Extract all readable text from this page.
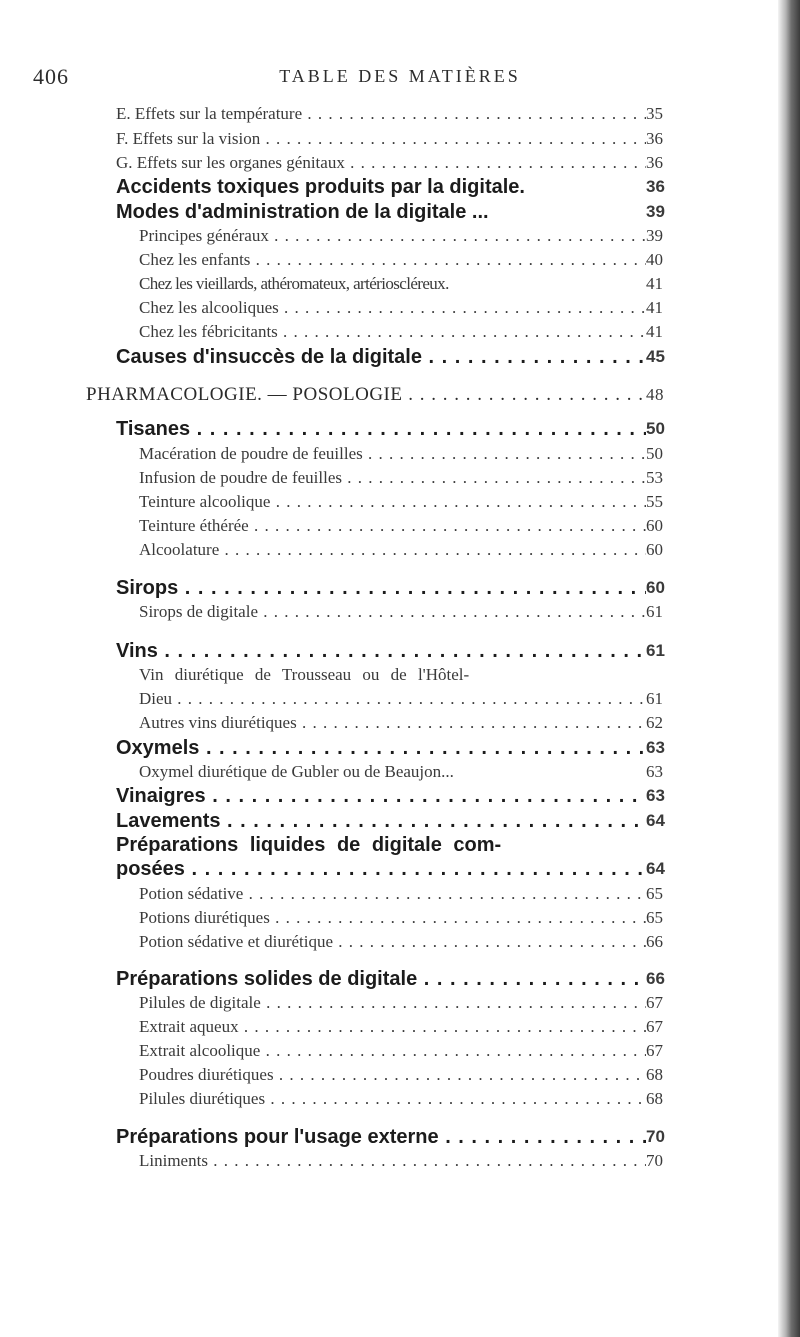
406	TABLE DES MATIÈRES
E. Effets sur la température . . .	35
F. Effets sur la vision . . .	36
G. Effets sur les organes génitaux . . .	36
Accidents toxiques produits par la digitale.	36
Modes d'administration de la digitale ...	39
Principes généraux . . .	39
Chez les enfants . . .	40
Chez les vieillards, athéromateux, artérioscléreux.	41
Chez les alcooliques . . .	41
Chez les fébricitants . . .	41
Causes d'insuccès de la digitale . . .	45
PHARMACOLOGIE. — POSOLOGIE . . .	48
Tisanes . . .	50
Macération de poudre de feuilles . . .	50
Infusion de poudre de feuilles . . .	53
Teinture alcoolique . . .	55
Teinture éthérée . . .	60
Alcoolature . . .	60
Sirops . . .	60
Sirops de digitale . . .	61
Vins . . .	61
Vin diurétique de Trousseau ou de l'Hôtel-
Dieu . . .	61
Autres vins diurétiques . . .	62
Oxymels . . .	63
Oxymel diurétique de Gubler ou de Beaujon...	63
Vinaigres . . .	63
Lavements . . .	64
Préparations liquides de digitale com-
posées . . .	64
Potion sédative . . .	65
Potions diurétiques . . .	65
Potion sédative et diurétique . . .	66
Préparations solides de digitale . . .	66
Pilules de digitale . . .	67
Extrait aqueux . . .	67
Extrait alcoolique . . .	67
Poudres diurétiques . . .	68
Pilules diurétiques . . .	68
Préparations pour l'usage externe . . .	70
Liniments . . .	70
